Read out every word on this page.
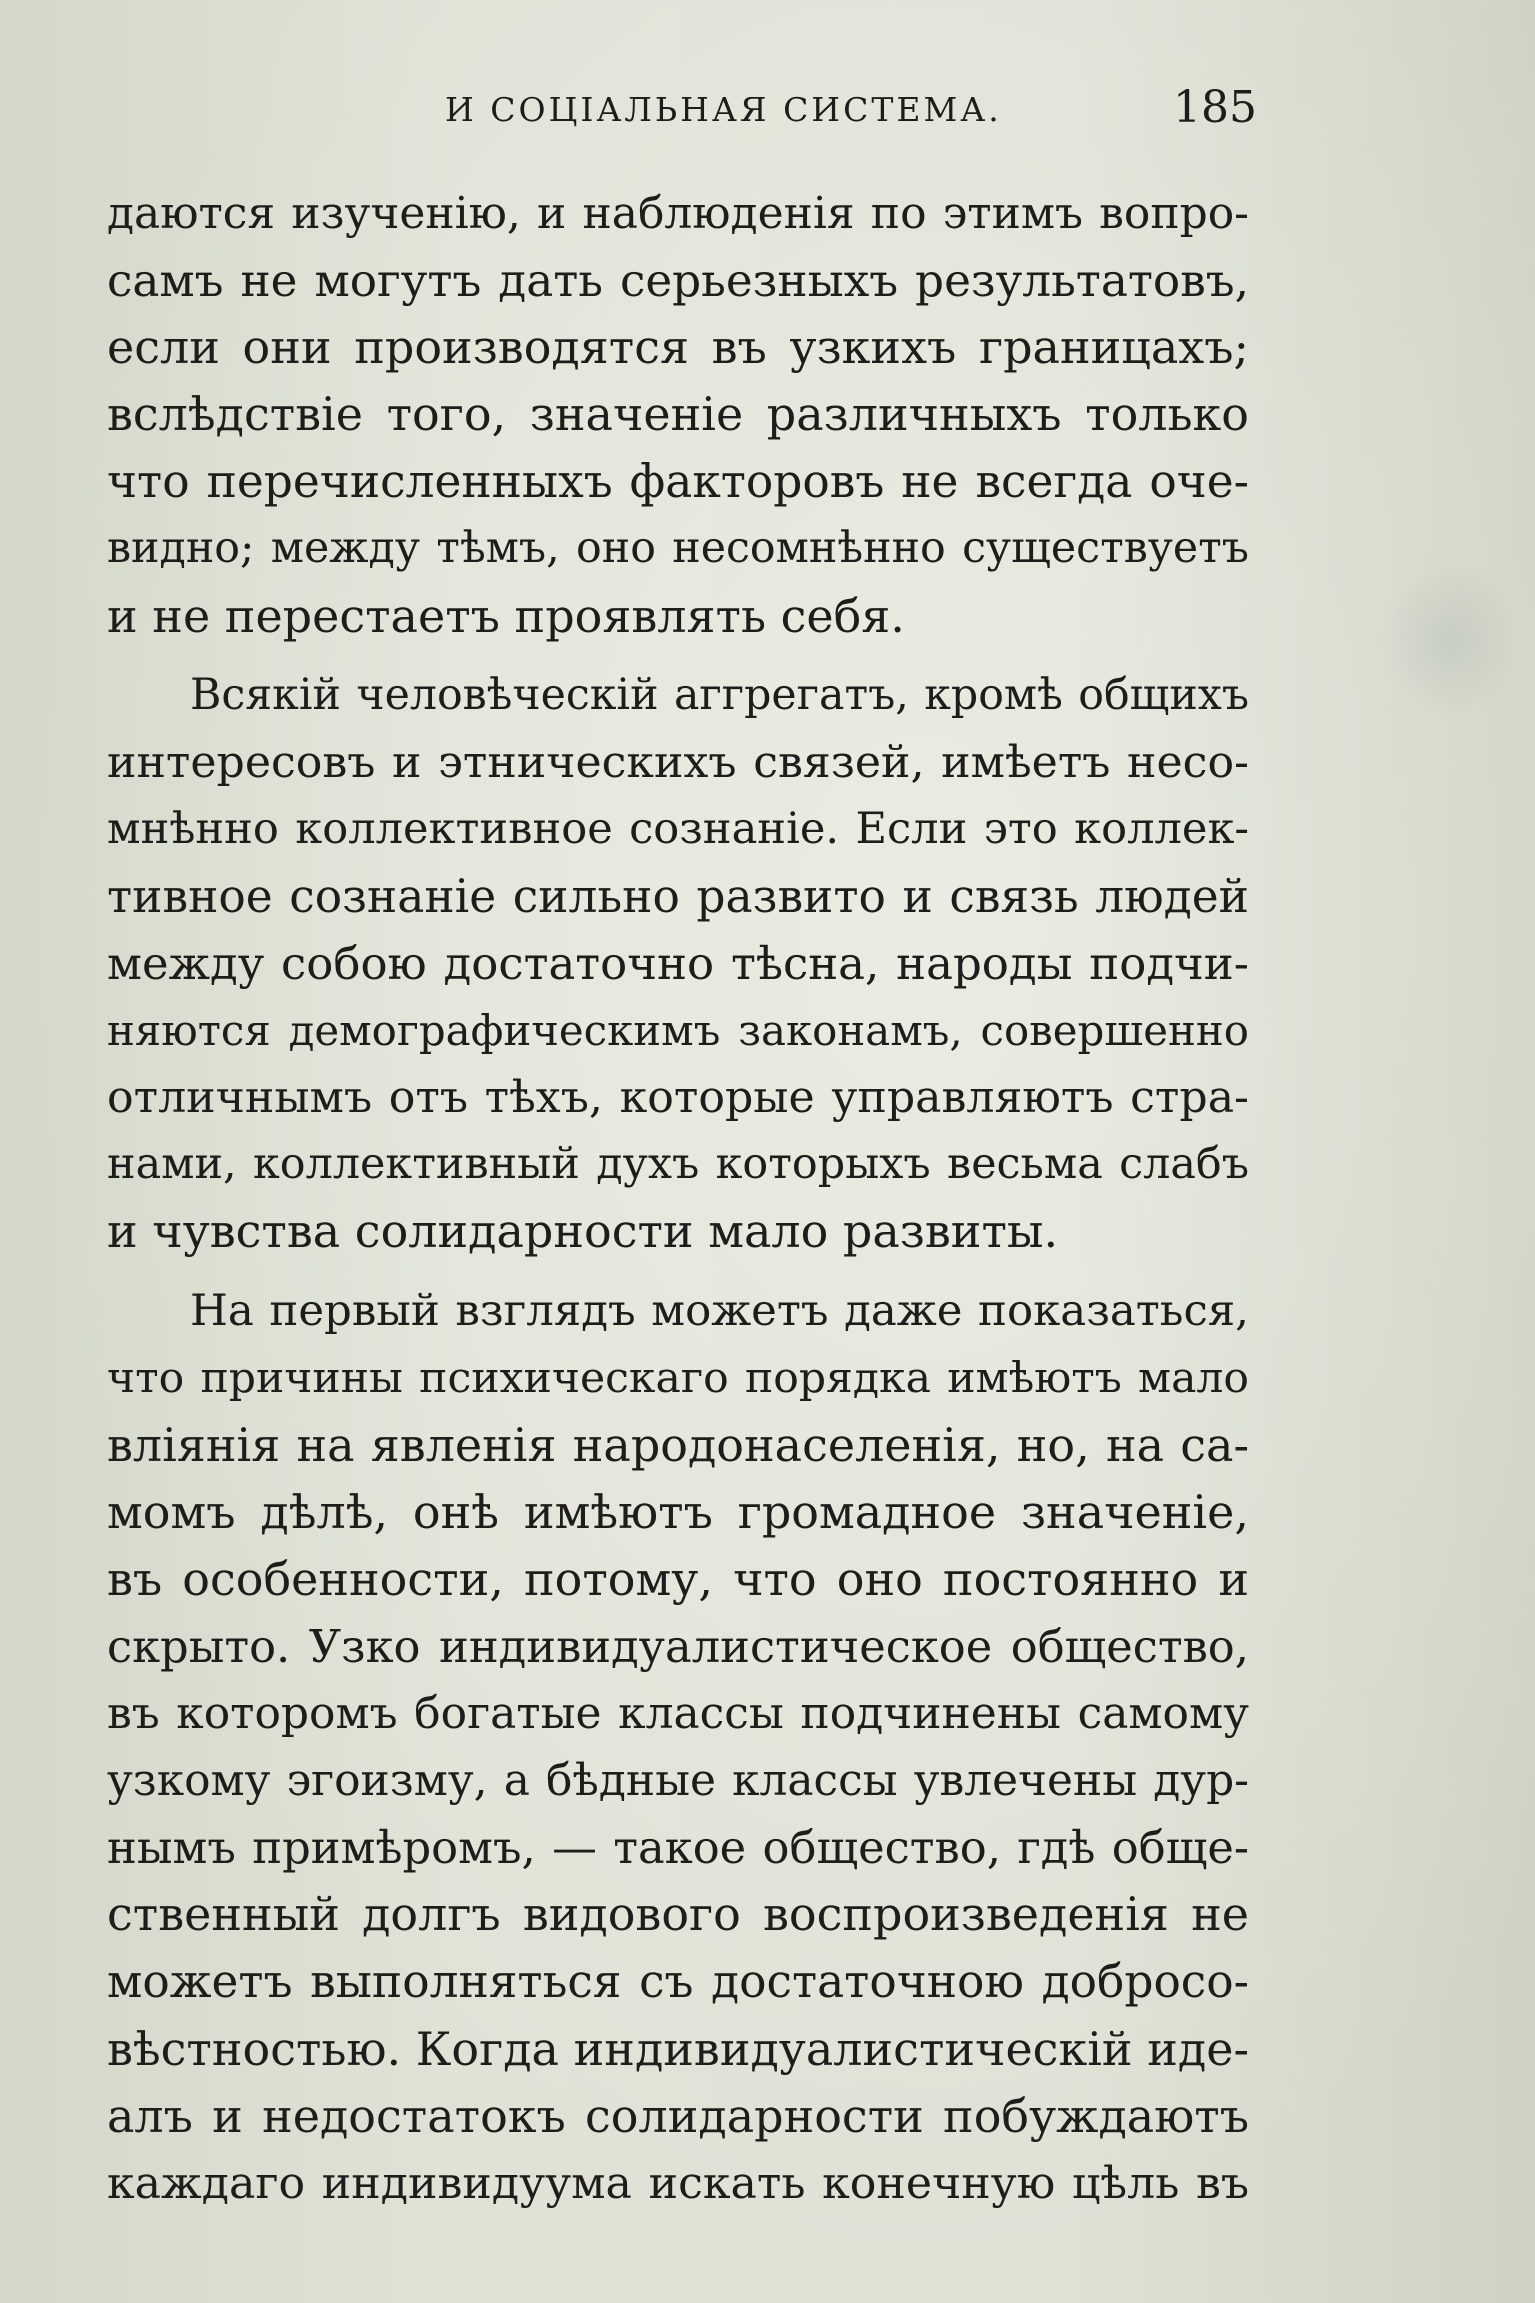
И СОЦІАЛЬНАЯ СИСТЕМА.	185
даются изученію, и наблюденія по этимъ вопро-
самъ не могутъ дать серьезныхъ результатовъ,
если они производятся въ узкихъ границахъ;
вслѣдствіе того, значеніе различныхъ только
что перечисленныхъ факторовъ не всегда оче-
видно; между тѣмъ, оно несомнѣнно существуетъ
и не перестаетъ проявлять себя.
Всякій человѣческій аггрегатъ, кромѣ общихъ
интересовъ и этническихъ связей, имѣетъ несо-
мнѣнно коллективное сознаніе. Если это коллек-
тивное сознаніе сильно развито и связь людей
между собою достаточно тѣсна, народы подчи-
няются демографическимъ законамъ, совершенно
отличнымъ отъ тѣхъ, которые управляютъ стра-
нами, коллективный духъ которыхъ весьма слабъ
и чувства солидарности мало развиты.
На первый взглядъ можетъ даже показаться,
что причины психическаго порядка имѣютъ мало
вліянія на явленія народонаселенія, но, на са-
момъ дѣлѣ, онѣ имѣютъ громадное значеніе,
въ особенности, потому, что оно постоянно и
скрыто. Узко индивидуалистическое общество,
въ которомъ богатые классы подчинены самому
узкому эгоизму, а бѣдные классы увлечены дур-
нымъ примѣромъ, — такое общество, гдѣ обще-
ственный долгъ видового воспроизведенія не
можетъ выполняться съ достаточною добросо-
вѣстностью. Когда индивидуалистическій иде-
алъ и недостатокъ солидарности побуждаютъ
каждаго индивидуума искать конечную цѣль въ
